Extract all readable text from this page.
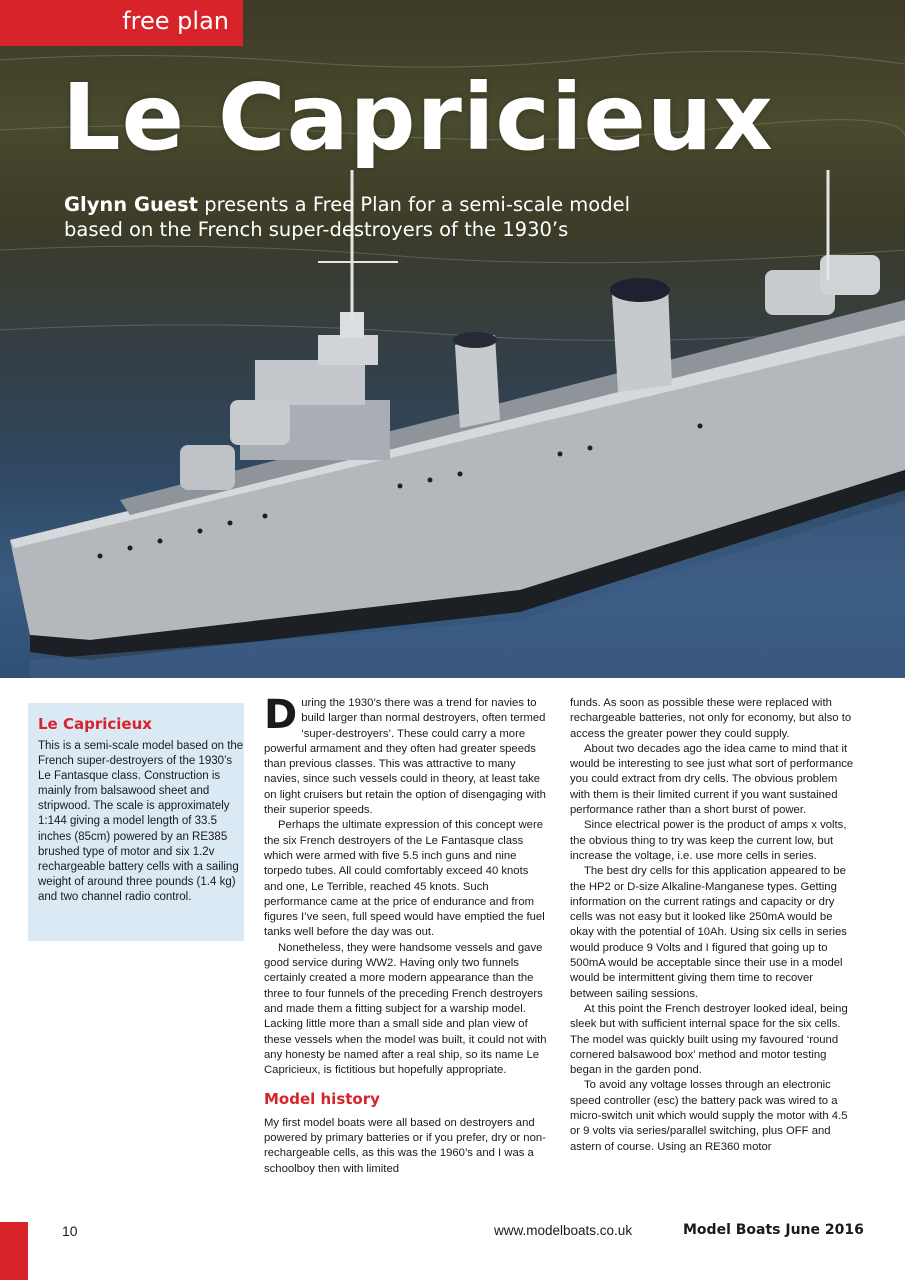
free plan
Le Capricieux
Glynn Guest presents a Free Plan for a semi-scale model based on the French super-destroyers of the 1930’s
Le Capricieux

This is a semi-scale model based on the French super-destroyers of the 1930’s Le Fantasque class. Construction is mainly from balsawood sheet and stripwood. The scale is approximately 1:144 giving a model length of 33.5 inches (85cm) powered by an RE385 brushed type of motor and six 1.2v rechargeable battery cells with a sailing weight of around three pounds (1.4 kg) and two channel radio control.

During the 1930’s there was a trend for navies to build larger than normal destroyers, often termed ‘super-destroyers’. These could carry a more powerful armament and they often had greater speeds than previous classes. This was attractive to many navies, since such vessels could in theory, at least take on light cruisers but retain the option of disengaging with their superior speeds.

Perhaps the ultimate expression of this concept were the six French destroyers of the Le Fantasque class which were armed with five 5.5 inch guns and nine torpedo tubes. All could comfortably exceed 40 knots and one, Le Terrible, reached 45 knots. Such performance came at the price of endurance and from figures I’ve seen, full speed would have emptied the fuel tanks well before the day was out.

Nonetheless, they were handsome vessels and gave good service during WW2. Having only two funnels certainly created a more modern appearance than the three to four funnels of the preceding French destroyers and made them a fitting subject for a warship model. Lacking little more than a small side and plan view of these vessels when the model was built, it could not with any honesty be named after a real ship, so its name Le Capricieux, is fictitious but hopefully appropriate.

Model history

My first model boats were all based on destroyers and powered by primary batteries or if you prefer, dry or non-rechargeable cells, as this was the 1960’s and I was a schoolboy then with limited

funds. As soon as possible these were replaced with rechargeable batteries, not only for economy, but also to access the greater power they could supply.

About two decades ago the idea came to mind that it would be interesting to see just what sort of performance you could extract from dry cells. The obvious problem with them is their limited current if you want sustained performance rather than a short burst of power.

Since electrical power is the product of amps x volts, the obvious thing to try was keep the current low, but increase the voltage, i.e. use more cells in series.

The best dry cells for this application appeared to be the HP2 or D-size Alkaline-Manganese types. Getting information on the current ratings and capacity or dry cells was not easy but it looked like 250mA would be okay with the potential of 10Ah. Using six cells in series would produce 9 Volts and I figured that going up to 500mA would be acceptable since their use in a model would be intermittent giving them time to recover between sailing sessions.

At this point the French destroyer looked ideal, being sleek but with sufficient internal space for the six cells. The model was quickly built using my favoured ‘round cornered balsawood box’ method and motor testing began in the garden pond.

To avoid any voltage losses through an electronic speed controller (esc) the battery pack was wired to a micro-switch unit which would supply the motor with 4.5 or 9 volts via series/parallel switching, plus OFF and astern of course. Using an RE360 motor

10	www.modelboats.co.uk	Model Boats June 2016
